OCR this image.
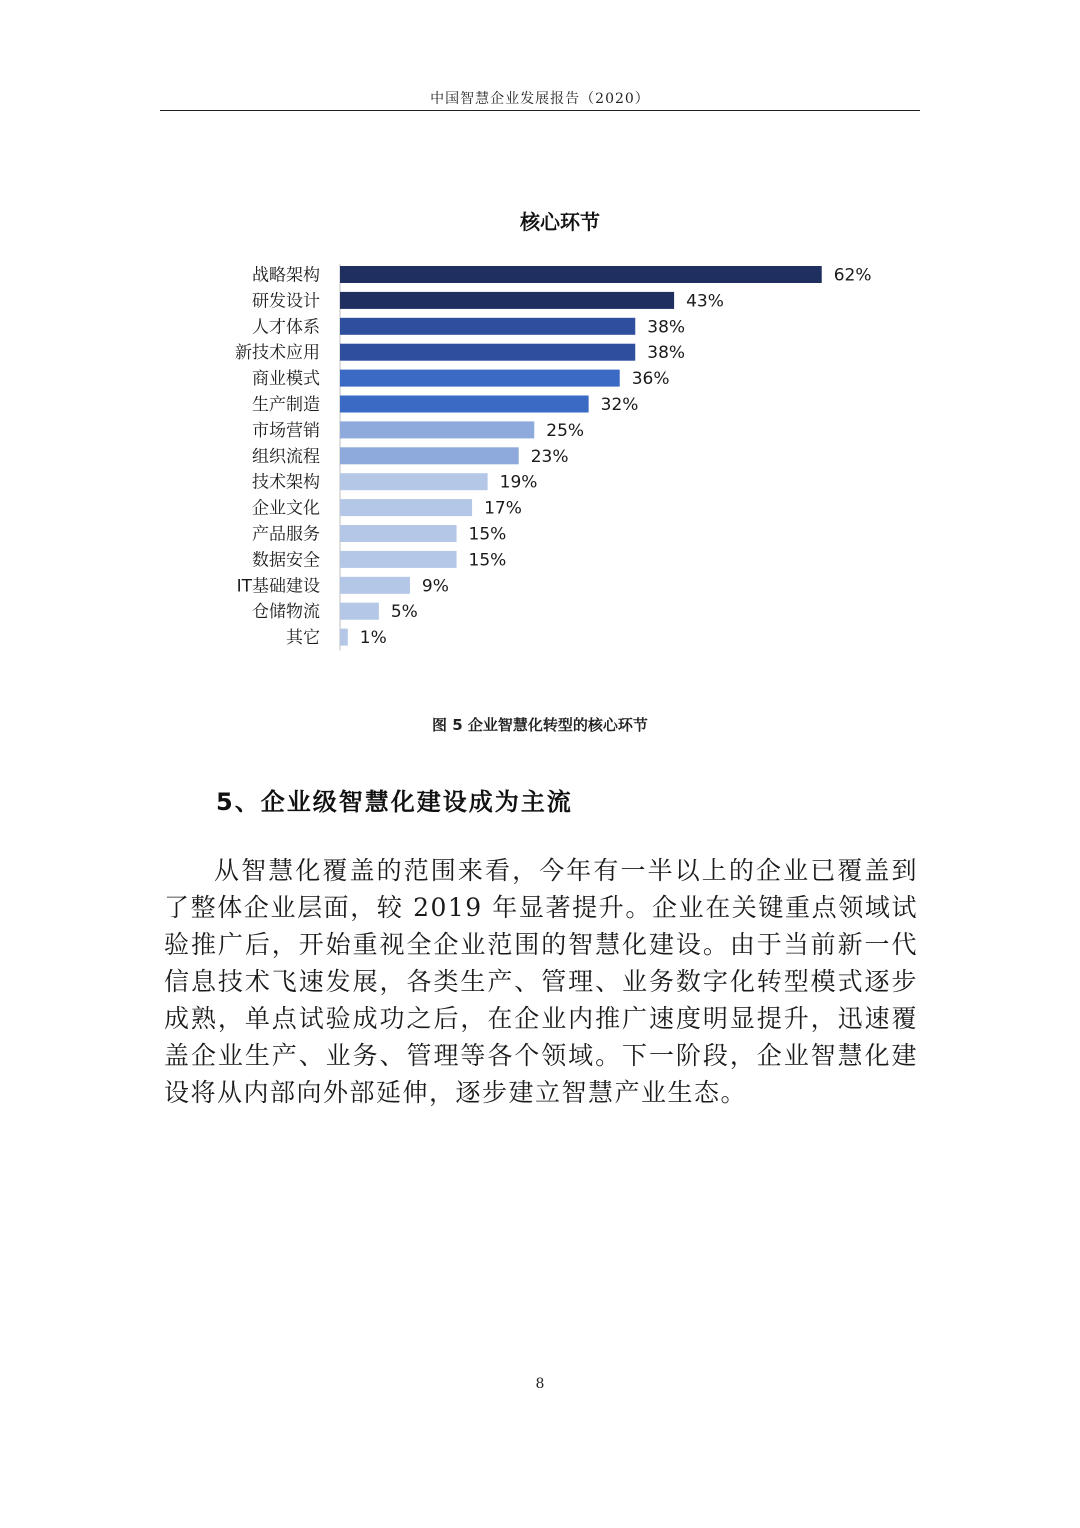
中国智慧企业发展报告（2020）
核心环节
战略架构	62%
研发设计	43%
人才体系	38%
新技术应用	38%
商业模式	36%
生产制造	32%
市场营销	25%
组织流程	23%
技术架构	19%
企业文化	17%
产品服务	15%
数据安全	15%
IT基础建设	9%
仓储物流	5%
其它 1%
图 5 企业智慧化转型的核心环节
5、企业级智慧化建设成为主流

从智慧化覆盖的范围来看，今年有一半以上的企业已覆盖到了整体企业层面，较 2019 年显著提升。企业在关键重点领域试验推广后，开始重视全企业范围的智慧化建设。由于当前新一代信息技术飞速发展，各类生产、管理、业务数字化转型模式逐步成熟，单点试验成功之后，在企业内推广速度明显提升，迅速覆盖企业生产、业务、管理等各个领域。下一阶段，企业智慧化建设将从内部向外部延伸，逐步建立智慧产业生态。

8
